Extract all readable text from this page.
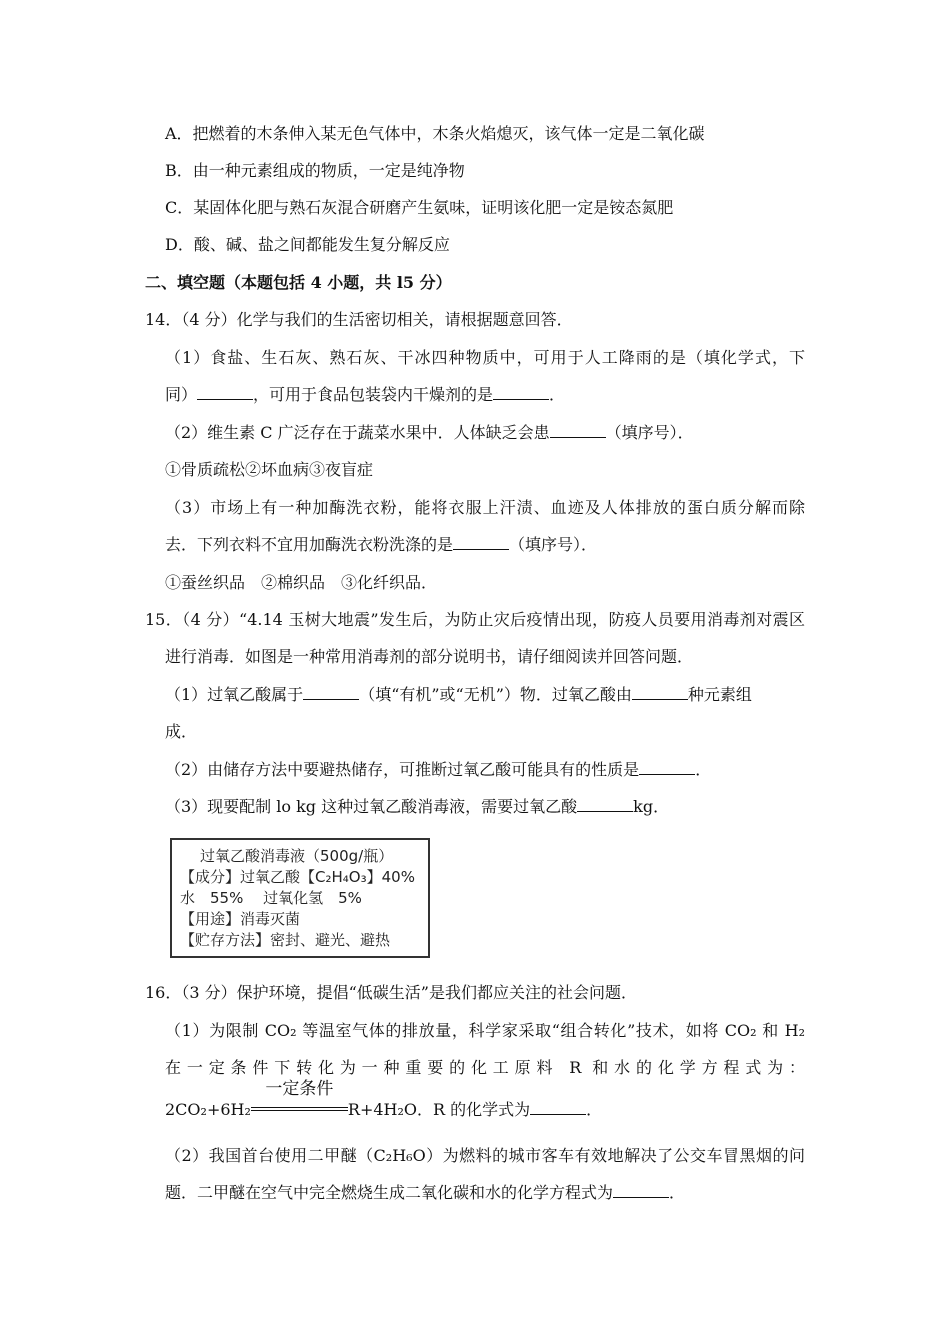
A．把燃着的木条伸入某无色气体中，木条火焰熄灭，该气体一定是二氧化碳
B．由一种元素组成的物质，一定是纯净物
C．某固体化肥与熟石灰混合研磨产生氨味，证明该化肥一定是铵态氮肥
D．酸、碱、盐之间都能发生复分解反应
二、填空题（本题包括 4 小题，共 l5 分）
14．（4 分）化学与我们的生活密切相关，请根据题意回答．
（1）食盐、生石灰、熟石灰、干冰四种物质中，可用于人工降雨的是（填化学式，下
同）	，可用于食品包装袋内干燥剂的是	．
（2）维生素 C 广泛存在于蔬菜水果中．人体缺乏会患	（填序号）．
①骨质疏松②坏血病③夜盲症
（3）市场上有一种加酶洗衣粉，能将衣服上汗渍、血迹及人体排放的蛋白质分解而除
去．下列衣料不宜用加酶洗衣粉洗涤的是	（填序号）．
①蚕丝织品　②棉织品　③化纤织品．
15．（4 分）“4.14 玉树大地震”发生后，为防止灾后疫情出现，防疫人员要用消毒剂对震区
进行消毒．如图是一种常用消毒剂的部分说明书，请仔细阅读并回答问题．
（1）过氧乙酸属于	（填“有机”或“无机”）物．过氧乙酸由	种元素组
成．
（2）由储存方法中要避热储存，可推断过氧乙酸可能具有的性质是	．
（3）现要配制 lo kg 这种过氧乙酸消毒液，需要过氧乙酸	kg．
过氧乙酸消毒液（500g/瓶）
【成分】过氧乙酸【C₂H₄O₃】40%
水　55%　 过氧化氢　5%
【用途】消毒灭菌
【贮存方法】密封、避光、避热
16．（3 分）保护环境，提倡“低碳生活”是我们都应关注的社会问题．
（1）为限制 CO₂ 等温室气体的排放量，科学家采取“组合转化”技术，如将 CO₂ 和 H₂
在一定条件下转化为一种重要的化工原料 R 和水的化学方程式为：
2CO₂+6H₂
一定条件
R+4H₂O．R 的化学式为	．
（2）我国首台使用二甲醚（C₂H₆O）为燃料的城市客车有效地解决了公交车冒黑烟的问
题．二甲醚在空气中完全燃烧生成二氧化碳和水的化学方程式为	．
